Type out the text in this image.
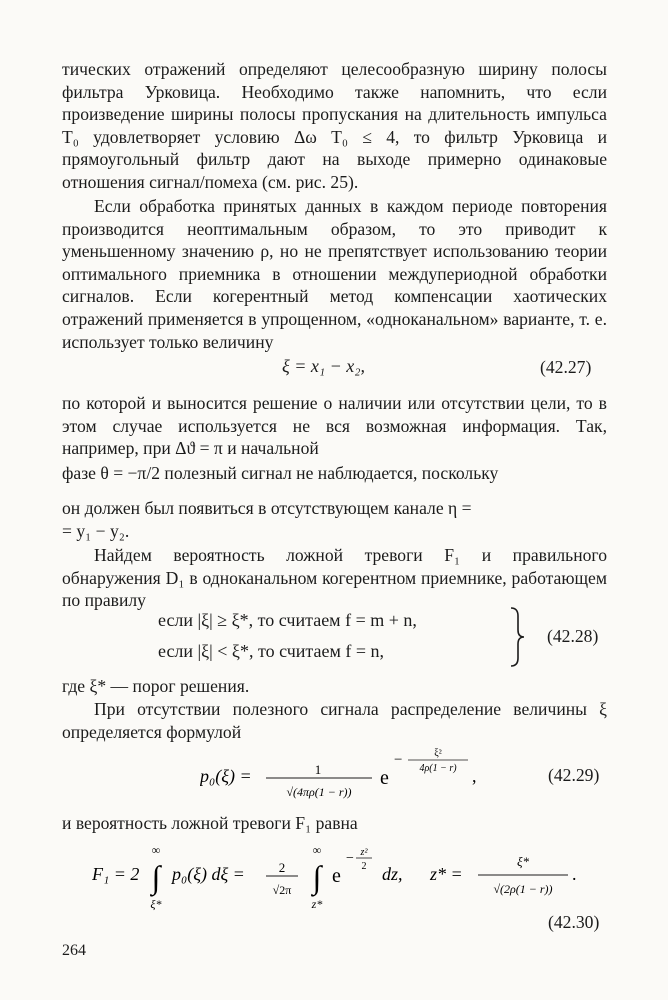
тических отражений определяют целесообразную ширину полосы фильтра Урковица. Необходимо также напомнить, что если произведение ширины полосы пропускания на длительность импульса T₀ удовлетворяет условию Δω T₀ ≤ 4, то фильтр Урковица и прямоугольный фильтр дают на выходе примерно одинаковые отношения сигнал/помеха (см. рис. 25).

Если обработка принятых данных в каждом периоде повторения производится неоптимальным образом, то это приводит к уменьшенному значению ρ, но не препятствует использованию теории оптимального приемника в отношении междупериодной обработки сигналов. Если когерентный метод компенсации хаотических отражений применяется в упрощенном, «одноканальном» варианте, т. е. использует только величину

ξ = x₁ − x₂,	(42.27)

по которой и выносится решение о наличии или отсутствии цели, то в этом случае используется не вся возможная информация. Так, например, при Δϑ = π и начальной

фазе θ = −π/2 полезный сигнал не наблюдается, поскольку
он должен был появиться в отсутствующем канале η =
= y₁ − y₂.

Найдем вероятность ложной тревоги F₁ и правильного обнаружения D₁ в одноканальном когерентном приемнике, работающем по правилу

если |ξ| ≥ ξ*, то считаем f = m + n,
если |ξ| < ξ*, то считаем f = n,
(42.28)
где ξ* — порог решения.

При отсутствии полезного сигнала распределение величины ξ определяется формулой

p₀(ξ) =	1
√(4πρ(1 − r))
e
−	ξ²
4ρ(1 − r) ,	(42.29)
и вероятность ложной тревоги F₁ равна
F₁ = 2
∞
∫
ξ*
p₀(ξ) dξ =	2
√2π
∞
∫
z*
e
− z²
2 dz, z* =
ξ*
√(2ρ(1 − r))
.
(42.30)
264
